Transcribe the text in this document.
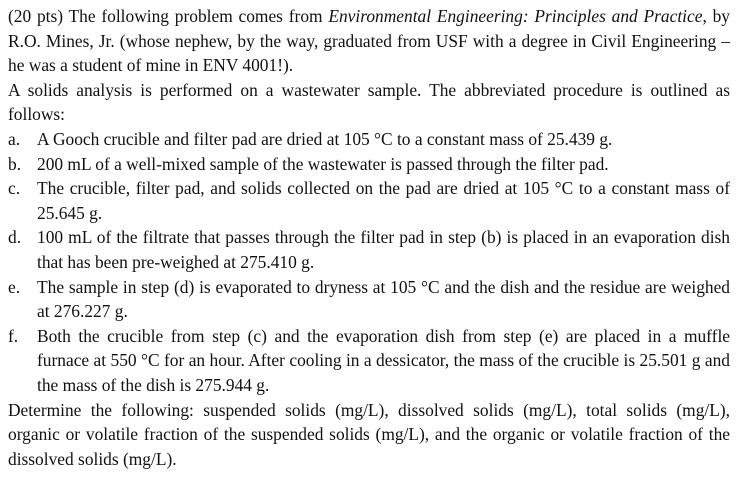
(20 pts) The following problem comes from Environmental Engineering: Principles and Practice, by R.O. Mines, Jr. (whose nephew, by the way, graduated from USF with a degree in Civil Engineering – he was a student of mine in ENV 4001!).

A solids analysis is performed on a wastewater sample. The abbreviated procedure is outlined as follows:

a. A Gooch crucible and filter pad are dried at 105 °C to a constant mass of 25.439 g.
b. 200 mL of a well-mixed sample of the wastewater is passed through the filter pad.
c. The crucible, filter pad, and solids collected on the pad are dried at 105 °C to a constant mass of 25.645 g.
d. 100 mL of the filtrate that passes through the filter pad in step (b) is placed in an evaporation dish that has been pre-weighed at 275.410 g.
e. The sample in step (d) is evaporated to dryness at 105 °C and the dish and the residue are weighed at 276.227 g.
f. Both the crucible from step (c) and the evaporation dish from step (e) are placed in a muffle furnace at 550 °C for an hour. After cooling in a dessicator, the mass of the crucible is 25.501 g and the mass of the dish is 275.944 g.

Determine the following: suspended solids (mg/L), dissolved solids (mg/L), total solids (mg/L), organic or volatile fraction of the suspended solids (mg/L), and the organic or volatile fraction of the dissolved solids (mg/L).
